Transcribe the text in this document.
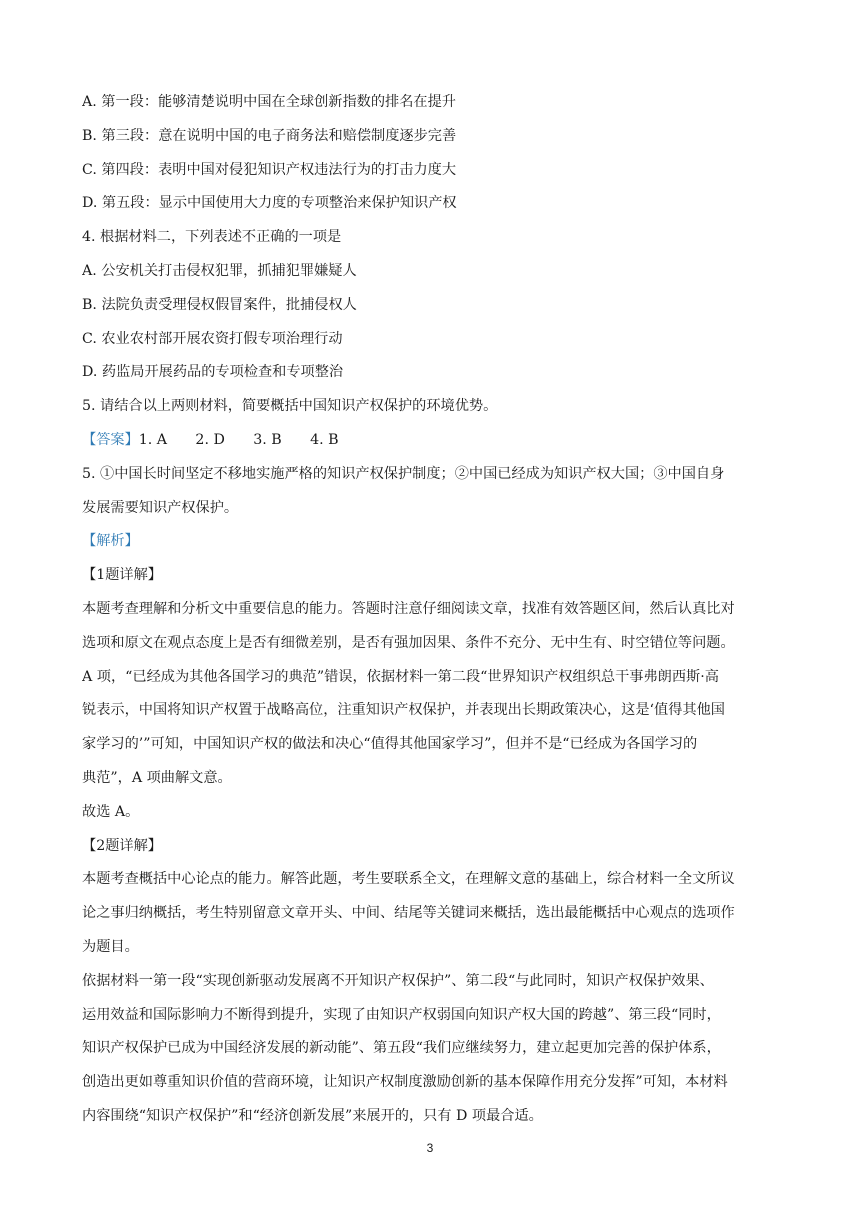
A. 第一段：能够清楚说明中国在全球创新指数的排名在提升
B. 第三段：意在说明中国的电子商务法和赔偿制度逐步完善
C. 第四段：表明中国对侵犯知识产权违法行为的打击力度大
D. 第五段：显示中国使用大力度的专项整治来保护知识产权
4. 根据材料二，下列表述不正确的一项是
A. 公安机关打击侵权犯罪，抓捕犯罪嫌疑人
B. 法院负责受理侵权假冒案件，批捕侵权人
C. 农业农村部开展农资打假专项治理行动
D. 药监局开展药品的专项检查和专项整治
5. 请结合以上两则材料，简要概括中国知识产权保护的环境优势。
【答案】1. A　　2. D　　3. B　　4. B
5. ①中国长时间坚定不移地实施严格的知识产权保护制度；②中国已经成为知识产权大国；③中国自身
发展需要知识产权保护。
【解析】
【1题详解】
本题考查理解和分析文中重要信息的能力。答题时注意仔细阅读文章，找准有效答题区间，然后认真比对
选项和原文在观点态度上是否有细微差别，是否有强加因果、条件不充分、无中生有、时空错位等问题。
A 项，“已经成为其他各国学习的典范”错误，依据材料一第二段“世界知识产权组织总干事弗朗西斯·高
锐表示，中国将知识产权置于战略高位，注重知识产权保护，并表现出长期政策决心，这是‘值得其他国
家学习的’”可知，中国知识产权的做法和决心“值得其他国家学习”，但并不是“已经成为各国学习的
典范”，A 项曲解文意。
故选 A。
【2题详解】
本题考查概括中心论点的能力。解答此题，考生要联系全文，在理解文意的基础上，综合材料一全文所议
论之事归纳概括，考生特别留意文章开头、中间、结尾等关键词来概括，选出最能概括中心观点的选项作
为题目。
依据材料一第一段“实现创新驱动发展离不开知识产权保护”、第二段“与此同时，知识产权保护效果、
运用效益和国际影响力不断得到提升，实现了由知识产权弱国向知识产权大国的跨越”、第三段“同时，
知识产权保护已成为中国经济发展的新动能”、第五段“我们应继续努力，建立起更加完善的保护体系，
创造出更如尊重知识价值的营商环境，让知识产权制度激励创新的基本保障作用充分发挥”可知，本材料
内容围绕“知识产权保护”和“经济创新发展”来展开的，只有 D 项最合适。
3
